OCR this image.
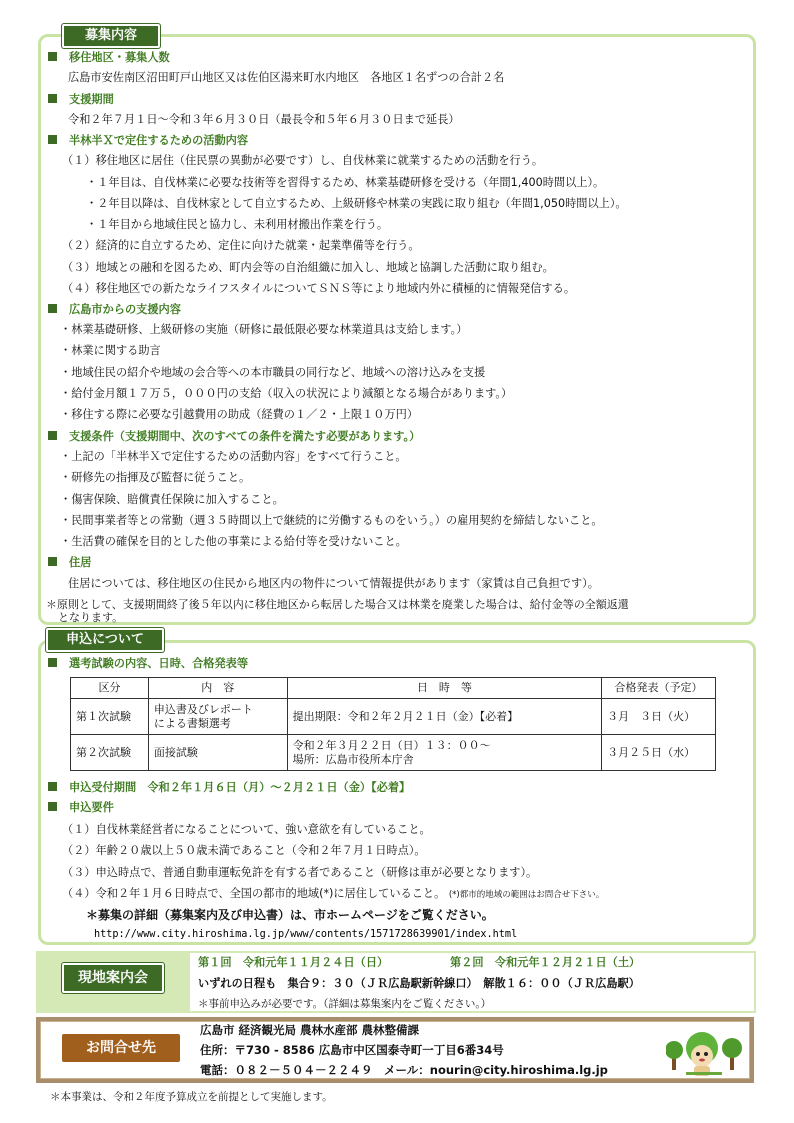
募集内容
移住地区・募集人数
広島市安佐南区沼田町戸山地区又は佐伯区湯来町水内地区　各地区１名ずつの合計２名
支援期間
令和２年７月１日～令和３年６月３０日（最長令和５年６月３０日まで延長）
半林半Ｘで定住するための活動内容
（１）移住地区に居住（住民票の異動が必要です）し、自伐林業に就業するための活動を行う。
・１年目は、自伐林業に必要な技術等を習得するため、林業基礎研修を受ける（年間1,400時間以上）。
・２年目以降は、自伐林家として自立するため、上級研修や林業の実践に取り組む（年間1,050時間以上）。
・１年目から地域住民と協力し、未利用材搬出作業を行う。
（２）経済的に自立するため、定住に向けた就業・起業準備等を行う。
（３）地域との融和を図るため、町内会等の自治組織に加入し、地域と協調した活動に取り組む。
（４）移住地区での新たなライフスタイルについてＳＮＳ等により地域内外に積極的に情報発信する。
広島市からの支援内容
・林業基礎研修、上級研修の実施（研修に最低限必要な林業道具は支給します。）
・林業に関する助言
・地域住民の紹介や地域の会合等への本市職員の同行など、地域への溶け込みを支援
・給付金月額１７万５，０００円の支給（収入の状況により減額となる場合があります。）
・移住する際に必要な引越費用の助成（経費の１／２・上限１０万円）
支援条件（支援期間中、次のすべての条件を満たす必要があります。）
・上記の「半林半Ｘで定住するための活動内容」をすべて行うこと。
・研修先の指揮及び監督に従うこと。
・傷害保険、賠償責任保険に加入すること。
・民間事業者等との常勤（週３５時間以上で継続的に労働するものをいう。）の雇用契約を締結しないこと。
・生活費の確保を目的とした他の事業による給付等を受けないこと。
住居
住居については、移住地区の住民から地区内の物件について情報提供があります（家賃は自己負担です）。
＊原則として、支援期間終了後５年以内に移住地区から転居した場合又は林業を廃業した場合は、給付金等の全額返還
となります。
申込について
選考試験の内容、日時、合格発表等
区分	内　容	日　時　等	合格発表（予定）
第１次試験	申込書及びレポート
による書類選考	提出期限：令和２年２月２１日（金）【必着】	３月　３日（火）
第２次試験	面接試験	令和２年３月２２日（日）１３：００～
場所：広島市役所本庁舎	３月２５日（水）
申込受付期間　 令和２年１月６日（月）～２月２１日（金）【必着】
申込要件
（１）自伐林業経営者になることについて、強い意欲を有していること。
（２）年齢２０歳以上５０歳未満であること（令和２年７月１日時点）。
（３）申込時点で、普通自動車運転免許を有する者であること（研修は車が必要となります）。
（４）令和２年１月６日時点で、全国の都市的地域(*)に居住していること。 (*)都市的地域の範囲はお問合せ下さい。
＊募集の詳細（募集案内及び申込書）は、市ホームページをご覧ください。
http://www.city.hiroshima.lg.jp/www/contents/1571728639901/index.html
現地案内会
第１回　令和元年１１月２４日（日）	第２回　令和元年１２月２１日（土）
いずれの日程も　集合９：３０（ＪＲ広島駅新幹線口）　解散１６：００（ＪＲ広島駅）
＊事前申込みが必要です。（詳細は募集案内をご覧ください。）
お問合せ先
広島市 経済観光局 農林水産部 農林整備課
住所：〒730 - 8586 広島市中区国泰寺町一丁目6番34号
電話：０８２－５０４－２２４９　メール：nourin@city.hiroshima.lg.jp
＊本事業は、令和２年度予算成立を前提として実施します。
